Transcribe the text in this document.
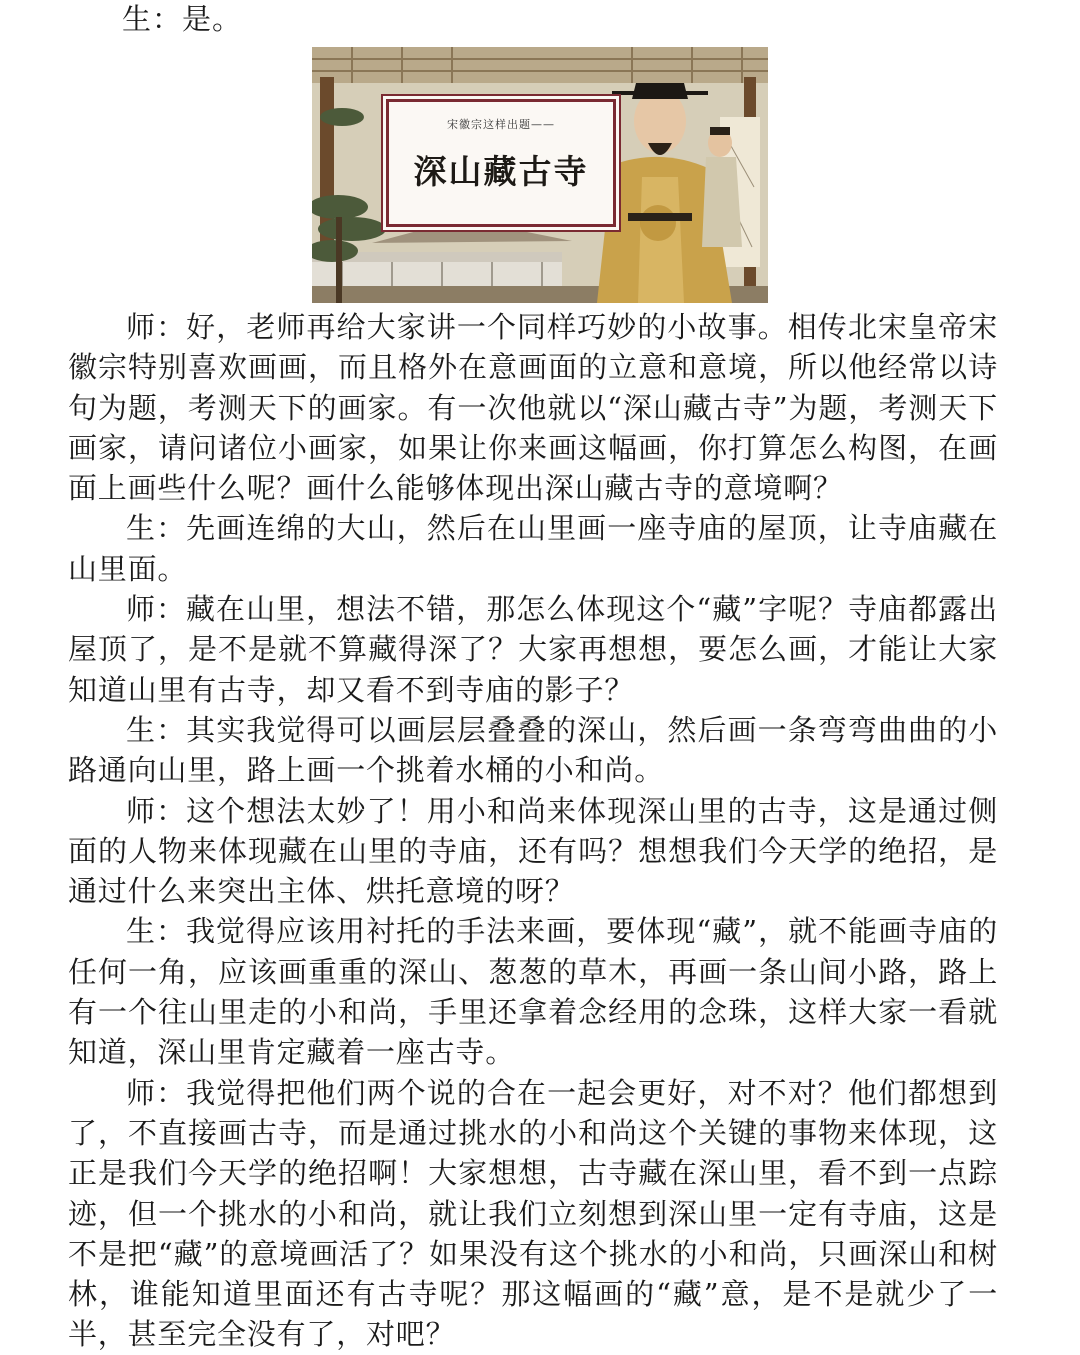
生：是。
宋徽宗这样出题——
深山藏古寺

师：好，老师再给大家讲一个同样巧妙的小故事。相传北宋皇帝宋徽宗特别喜欢画画，而且格外在意画面的立意和意境，所以他经常以诗句为题，考测天下的画家。有一次他就以“深山藏古寺”为题，考测天下画家，请问诸位小画家，如果让你来画这幅画，你打算怎么构图，在画面上画些什么呢？画什么能够体现出深山藏古寺的意境啊？

生：先画连绵的大山，然后在山里画一座寺庙的屋顶，让寺庙藏在山里面。

师：藏在山里，想法不错，那怎么体现这个“藏”字呢？寺庙都露出屋顶了，是不是就不算藏得深了？大家再想想，要怎么画，才能让大家知道山里有古寺，却又看不到寺庙的影子？

生：其实我觉得可以画层层叠叠的深山，然后画一条弯弯曲曲的小路通向山里，路上画一个挑着水桶的小和尚。

师：这个想法太妙了！用小和尚来体现深山里的古寺，这是通过侧面的人物来体现藏在山里的寺庙，还有吗？想想我们今天学的绝招，是通过什么来突出主体、烘托意境的呀？

生：我觉得应该用衬托的手法来画，要体现“藏”，就不能画寺庙的任何一角，应该画重重的深山、葱葱的草木，再画一条山间小路，路上有一个往山里走的小和尚，手里还拿着念经用的念珠，这样大家一看就知道，深山里肯定藏着一座古寺。

师：我觉得把他们两个说的合在一起会更好，对不对？他们都想到了，不直接画古寺，而是通过挑水的小和尚这个关键的事物来体现，这正是我们今天学的绝招啊！大家想想，古寺藏在深山里，看不到一点踪迹，但一个挑水的小和尚，就让我们立刻想到深山里一定有寺庙，这是不是把“藏”的意境画活了？如果没有这个挑水的小和尚，只画深山和树林，谁能知道里面还有古寺呢？那这幅画的“藏”意，是不是就少了一半，甚至完全没有了，对吧？
